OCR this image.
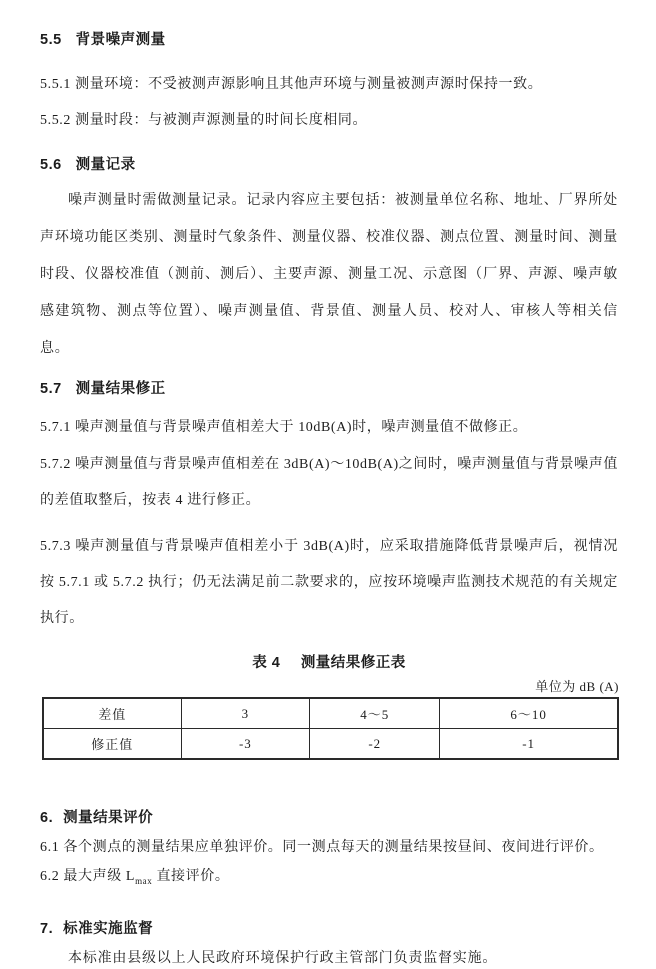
5.5 背景噪声测量

5.5.1 测量环境：不受被测声源影响且其他声环境与测量被测声源时保持一致。

5.5.2 测量时段：与被测声源测量的时间长度相同。

5.6 测量记录

噪声测量时需做测量记录。记录内容应主要包括：被测量单位名称、地址、厂界所处声环境功能区类别、测量时气象条件、测量仪器、校准仪器、测点位置、测量时间、测量时段、仪器校准值（测前、测后）、主要声源、测量工况、示意图（厂界、声源、噪声敏感建筑物、测点等位置）、噪声测量值、背景值、测量人员、校对人、审核人等相关信息。

5.7 测量结果修正

5.7.1 噪声测量值与背景噪声值相差大于 10dB(A)时，噪声测量值不做修正。

5.7.2 噪声测量值与背景噪声值相差在 3dB(A)～10dB(A)之间时，噪声测量值与背景噪声值的差值取整后，按表 4 进行修正。

5.7.3 噪声测量值与背景噪声值相差小于 3dB(A)时，应采取措施降低背景噪声后，视情况按 5.7.1 或 5.7.2 执行；仍无法满足前二款要求的，应按环境噪声监测技术规范的有关规定执行。

表 4 测量结果修正表
单位为 dB (A)
差值	3	4～5	6～10
修正值	-3	-2	-1
6. 测量结果评价

6.1 各个测点的测量结果应单独评价。同一测点每天的测量结果按昼间、夜间进行评价。

6.2 最大声级 $L_{max}$ 直接评价。

7. 标准实施监督

本标准由县级以上人民政府环境保护行政主管部门负责监督实施。
